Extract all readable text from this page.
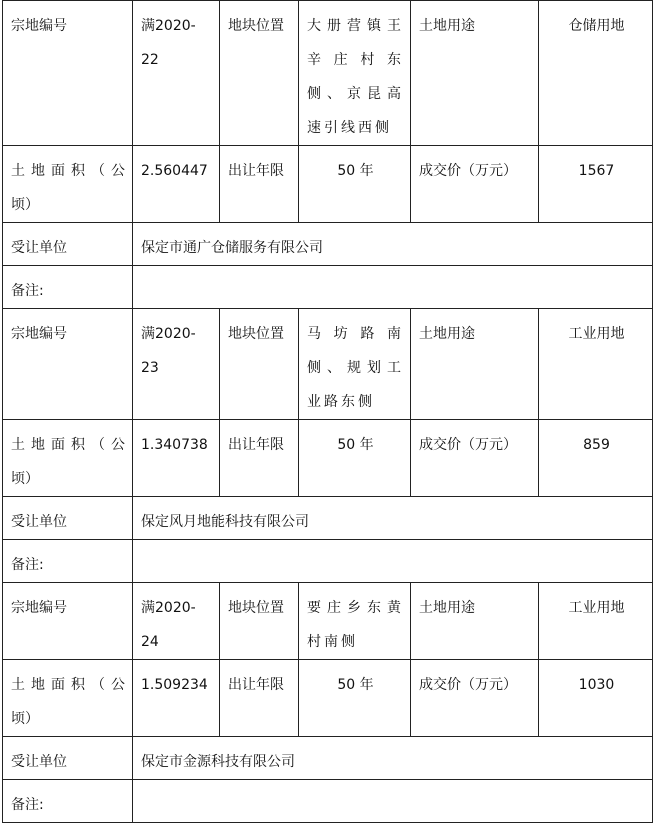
宗地编号	满2020-22	地块位置	大册营镇王
辛庄村东
侧、京昆高
速引线西侧	土地用途	仓储用地

土地面积（公
顷）	2.560447	出让年限	50 年	成交价（万元）	1567
受让单位	保定市通广仓储服务有限公司				
备注:					
宗地编号	满2020-23	地块位置	马坊路南
侧、规划工
业路东侧	土地用途	工业用地

土地面积（公
顷）	1.340738	出让年限	50 年	成交价（万元）	859
受让单位	保定风月地能科技有限公司				
备注:					
宗地编号	满2020-24	地块位置	要庄乡东黄
村南侧	土地用途	工业用地

土地面积（公
顷）	1.509234	出让年限	50 年	成交价（万元）	1030
受让单位	保定市金源科技有限公司				
备注:					
